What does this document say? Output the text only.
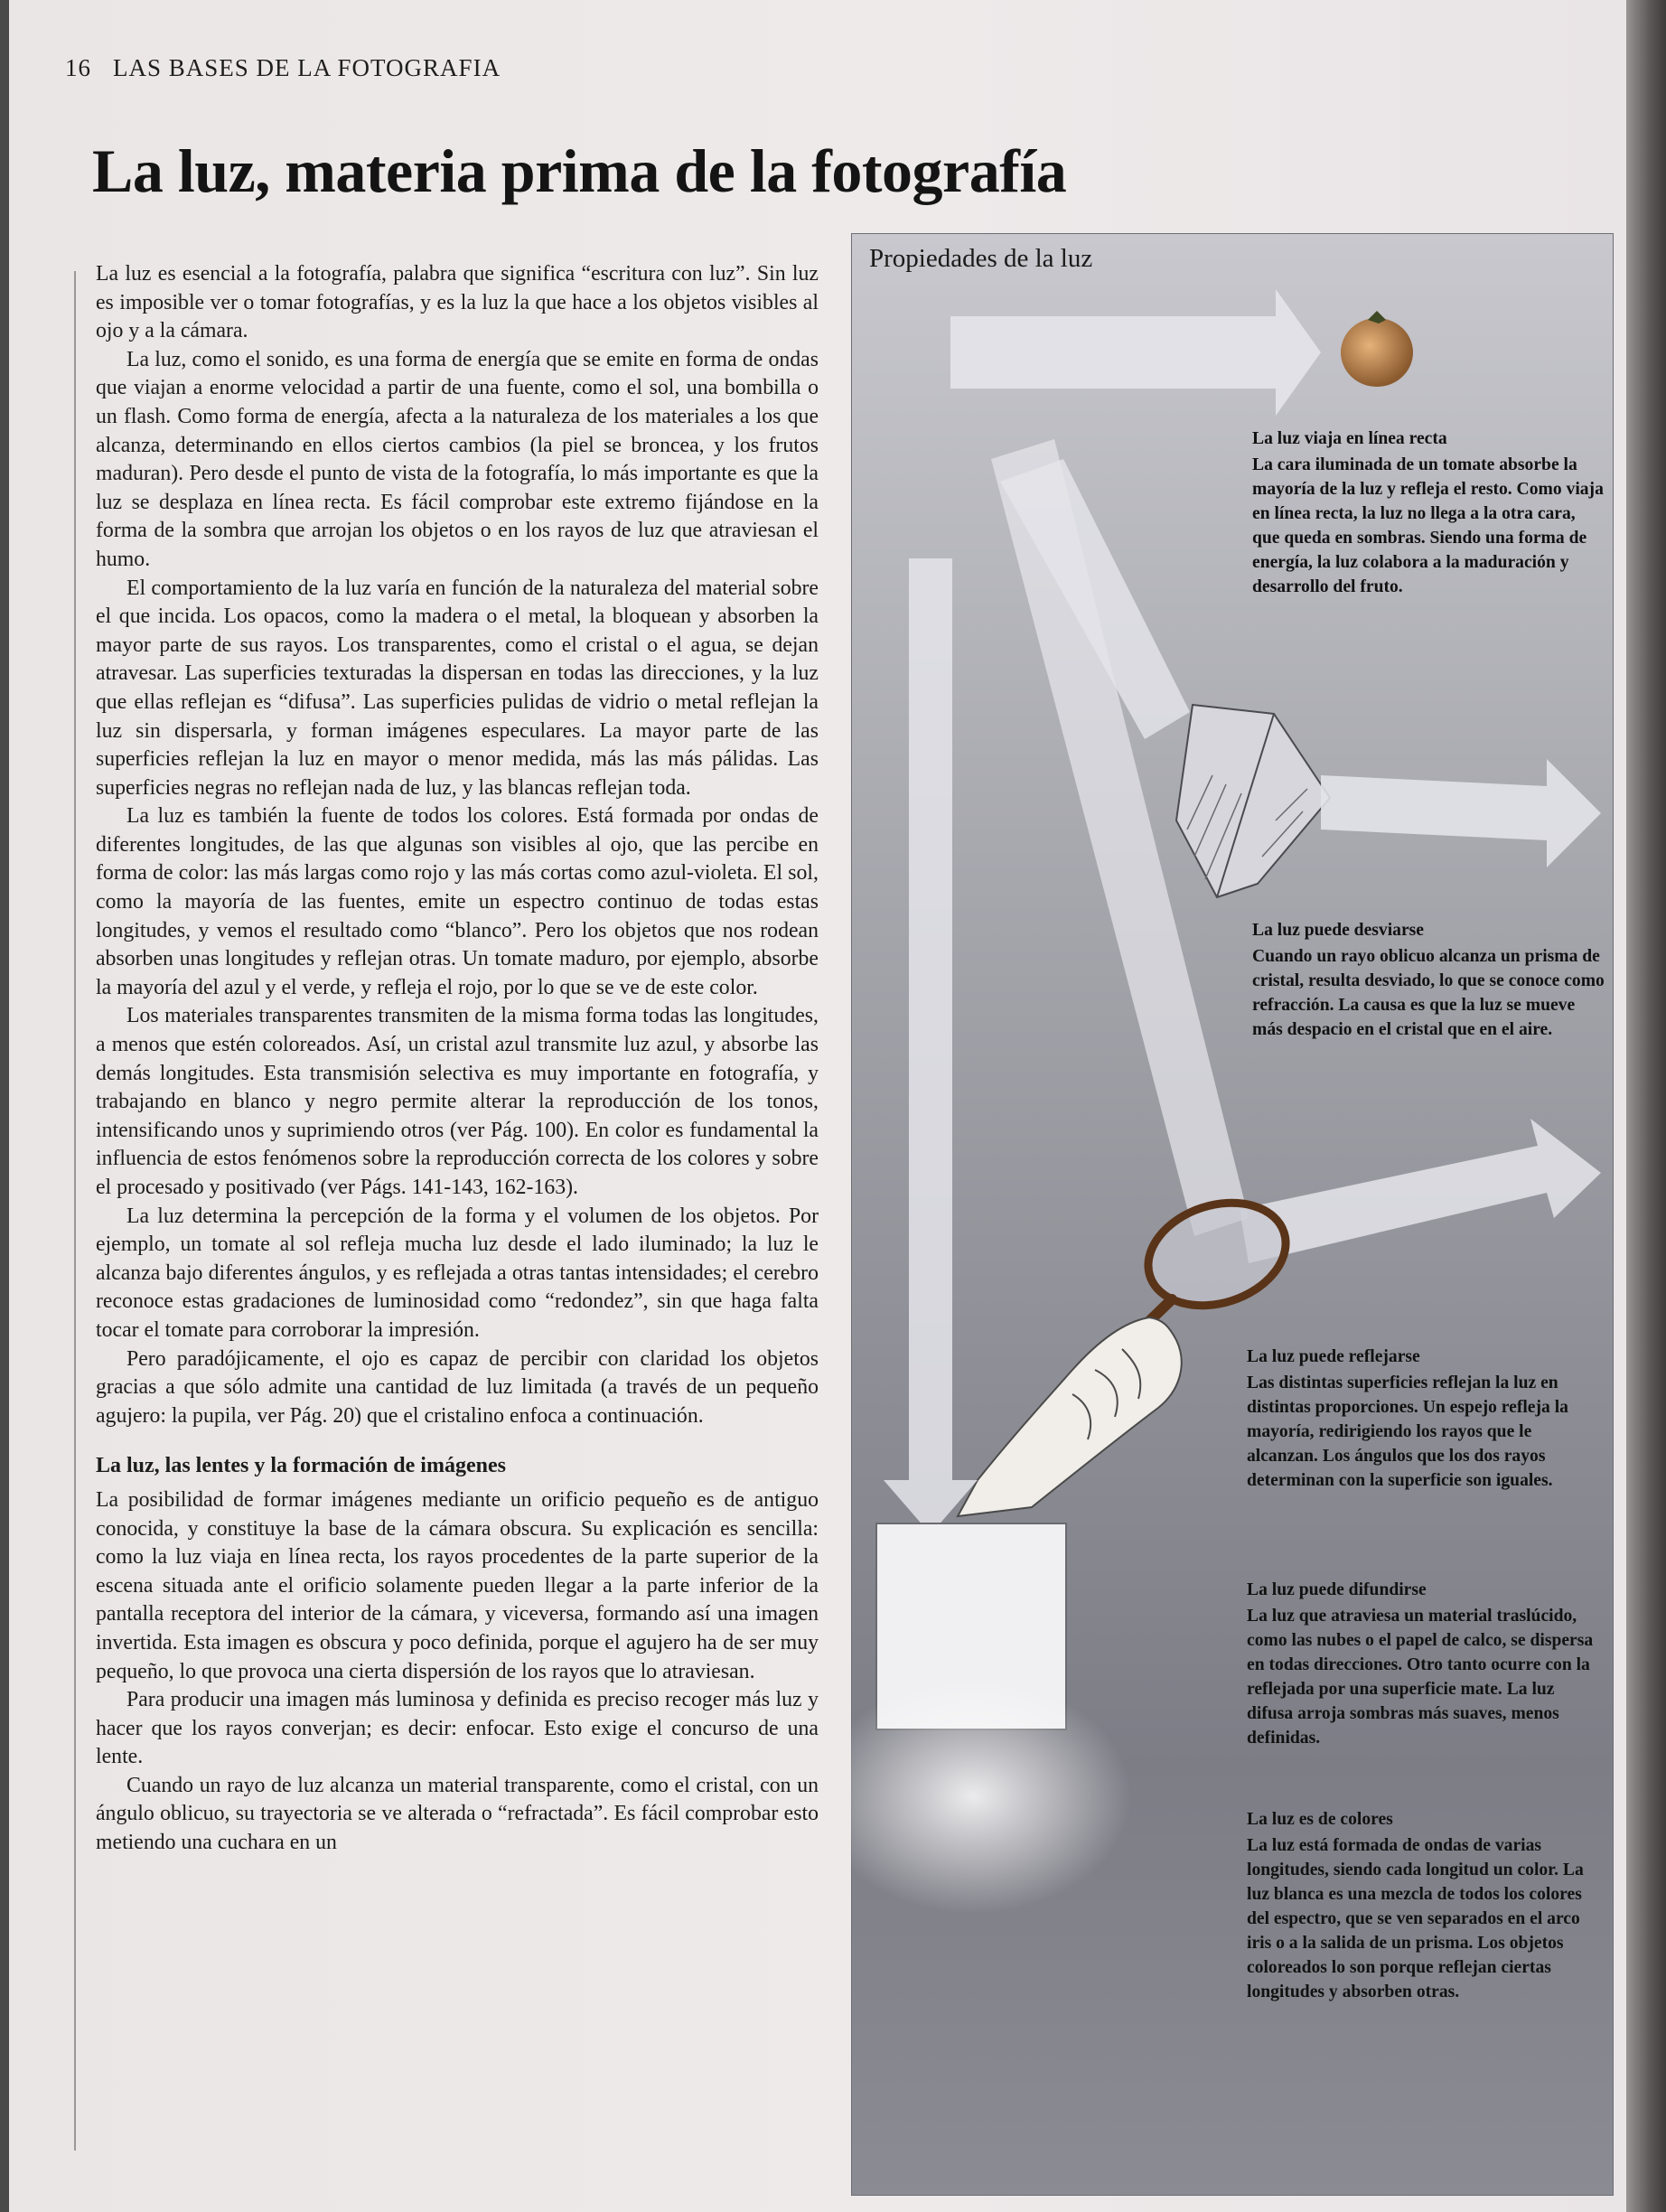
16 LAS BASES DE LA FOTOGRAFIA
La luz, materia prima de la fotografía

La luz es esencial a la fotografía, palabra que significa “escritura con luz”. Sin luz es imposible ver o tomar fotografías, y es la luz la que hace a los objetos visibles al ojo y a la cámara.

La luz, como el sonido, es una forma de energía que se emite en forma de ondas que viajan a enorme velocidad a partir de una fuente, como el sol, una bombilla o un flash. Como forma de energía, afecta a la naturaleza de los materiales a los que alcanza, determinando en ellos ciertos cambios (la piel se broncea, y los frutos maduran). Pero desde el punto de vista de la fotografía, lo más importante es que la luz se desplaza en línea recta. Es fácil comprobar este extremo fijándose en la forma de la sombra que arrojan los objetos o en los rayos de luz que atraviesan el humo.

El comportamiento de la luz varía en función de la naturaleza del material sobre el que incida. Los opacos, como la madera o el metal, la bloquean y absorben la mayor parte de sus rayos. Los transparentes, como el cristal o el agua, se dejan atravesar. Las superficies texturadas la dispersan en todas las direcciones, y la luz que ellas reflejan es “difusa”. Las superficies pulidas de vidrio o metal reflejan la luz sin dispersarla, y forman imágenes especulares. La mayor parte de las superficies reflejan la luz en mayor o menor medida, más las más pálidas. Las superficies negras no reflejan nada de luz, y las blancas reflejan toda.

La luz es también la fuente de todos los colores. Está formada por ondas de diferentes longitudes, de las que algunas son visibles al ojo, que las percibe en forma de color: las más largas como rojo y las más cortas como azul-violeta. El sol, como la mayoría de las fuentes, emite un espectro continuo de todas estas longitudes, y vemos el resultado como “blanco”. Pero los objetos que nos rodean absorben unas longitudes y reflejan otras. Un tomate maduro, por ejemplo, absorbe la mayoría del azul y el verde, y refleja el rojo, por lo que se ve de este color.

Los materiales transparentes transmiten de la misma forma todas las longitudes, a menos que estén coloreados. Así, un cristal azul transmite luz azul, y absorbe las demás longitudes. Esta transmisión selectiva es muy importante en fotografía, y trabajando en blanco y negro permite alterar la reproducción de los tonos, intensificando unos y suprimiendo otros (ver Pág. 100). En color es fundamental la influencia de estos fenómenos sobre la reproducción correcta de los colores y sobre el procesado y positivado (ver Págs. 141-143, 162-163).

La luz determina la percepción de la forma y el volumen de los objetos. Por ejemplo, un tomate al sol refleja mucha luz desde el lado iluminado; la luz le alcanza bajo diferentes ángulos, y es reflejada a otras tantas intensidades; el cerebro reconoce estas gradaciones de luminosidad como “redondez”, sin que haga falta tocar el tomate para corroborar la impresión.

Pero paradójicamente, el ojo es capaz de percibir con claridad los objetos gracias a que sólo admite una cantidad de luz limitada (a través de un pequeño agujero: la pupila, ver Pág. 20) que el cristalino enfoca a continuación.

La luz, las lentes y la formación de imágenes

La posibilidad de formar imágenes mediante un orificio pequeño es de antiguo conocida, y constituye la base de la cámara obscura. Su explicación es sencilla: como la luz viaja en línea recta, los rayos procedentes de la parte superior de la escena situada ante el orificio solamente pueden llegar a la parte inferior de la pantalla receptora del interior de la cámara, y viceversa, formando así una imagen invertida. Esta imagen es obscura y poco definida, porque el agujero ha de ser muy pequeño, lo que provoca una cierta dispersión de los rayos que lo atraviesan.

Para producir una imagen más luminosa y definida es preciso recoger más luz y hacer que los rayos converjan; es decir: enfocar. Esto exige el concurso de una lente.

Cuando un rayo de luz alcanza un material transparente, como el cristal, con un ángulo oblicuo, su trayectoria se ve alterada o “refractada”. Es fácil comprobar esto metiendo una cuchara en un

Propiedades de la luz
La luz viaja en línea recta

La cara iluminada de un tomate absorbe la mayoría de la luz y refleja el resto. Como viaja en línea recta, la luz no llega a la otra cara, que queda en sombras. Siendo una forma de energía, la luz colabora a la maduración y desarrollo del fruto.

La luz puede desviarse

Cuando un rayo oblicuo alcanza un prisma de cristal, resulta desviado, lo que se conoce como refracción. La causa es que la luz se mueve más despacio en el cristal que en el aire.

La luz puede reflejarse

Las distintas superficies reflejan la luz en distintas proporciones. Un espejo refleja la mayoría, redirigiendo los rayos que le alcanzan. Los ángulos que los dos rayos determinan con la superficie son iguales.

La luz puede difundirse

La luz que atraviesa un material traslúcido, como las nubes o el papel de calco, se dispersa en todas direcciones. Otro tanto ocurre con la reflejada por una superficie mate. La luz difusa arroja sombras más suaves, menos definidas.

La luz es de colores

La luz está formada de ondas de varias longitudes, siendo cada longitud un color. La luz blanca es una mezcla de todos los colores del espectro, que se ven separados en el arco iris o a la salida de un prisma. Los objetos coloreados lo son porque reflejan ciertas longitudes y absorben otras.
